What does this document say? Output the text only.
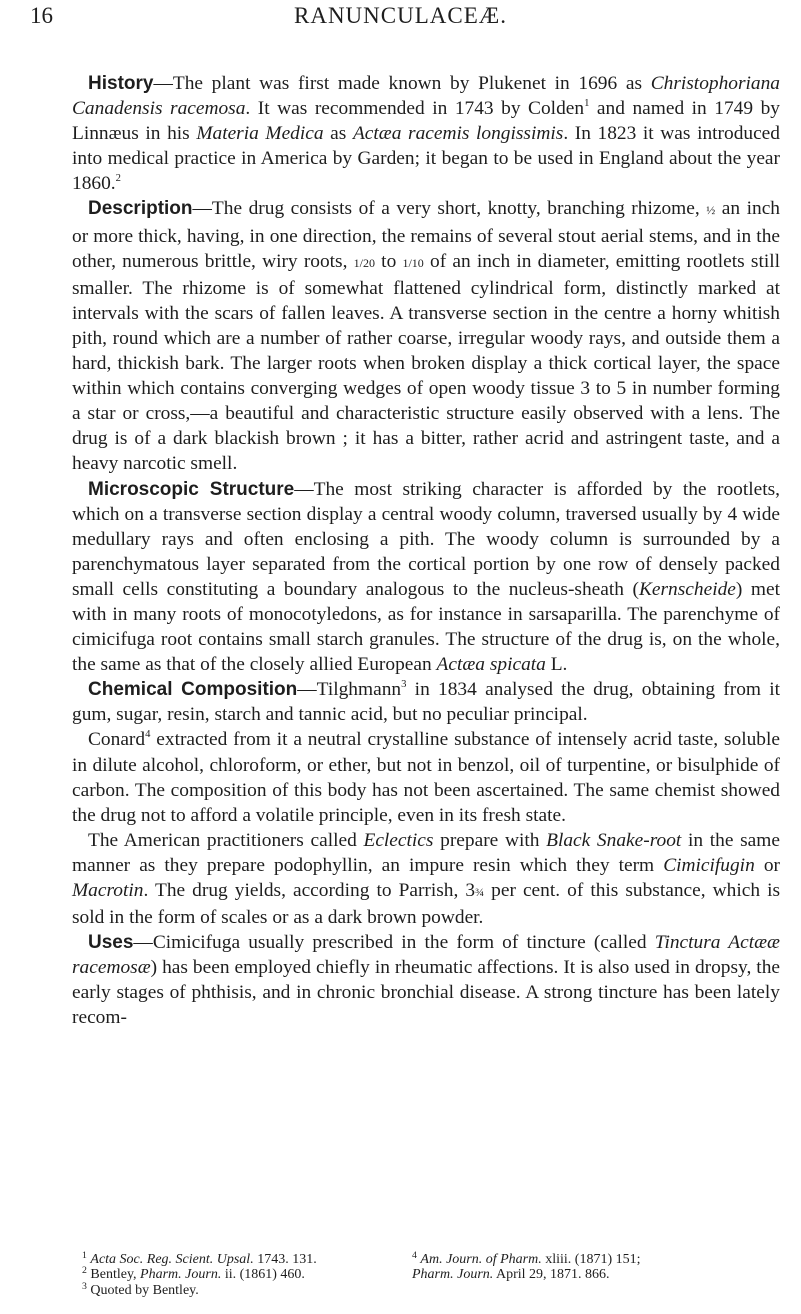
16	RANUNCULACEÆ.

History—The plant was first made known by Plukenet in 1696 as Christophoriana Canadensis racemosa. It was recommended in 1743 by Colden$^1$ and named in 1749 by Linnæus in his Materia Medica as Actæa racemis longissimis. In 1823 it was introduced into medical practice in America by Garden; it began to be used in England about the year 1860.$^2$

Description—The drug consists of a very short, knotty, branching rhizome, ½ an inch or more thick, having, in one direction, the remains of several stout aerial stems, and in the other, numerous brittle, wiry roots, 1/20 to 1/10 of an inch in diameter, emitting rootlets still smaller. The rhizome is of somewhat flattened cylindrical form, distinctly marked at intervals with the scars of fallen leaves. A transverse section in the centre a horny whitish pith, round which are a number of rather coarse, irregular woody rays, and outside them a hard, thickish bark. The larger roots when broken display a thick cortical layer, the space within which contains converging wedges of open woody tissue 3 to 5 in number forming a star or cross,—a beautiful and characteristic structure easily observed with a lens. The drug is of a dark blackish brown ; it has a bitter, rather acrid and astringent taste, and a heavy narcotic smell.

Microscopic Structure—The most striking character is afforded by the rootlets, which on a transverse section display a central woody column, traversed usually by 4 wide medullary rays and often enclosing a pith. The woody column is surrounded by a parenchymatous layer separated from the cortical portion by one row of densely packed small cells constituting a boundary analogous to the nucleus-sheath (Kernscheide) met with in many roots of monocotyledons, as for instance in sarsaparilla. The parenchyme of cimicifuga root contains small starch granules. The structure of the drug is, on the whole, the same as that of the closely allied European Actæa spicata L.

Chemical Composition—Tilghmann$^3$ in 1834 analysed the drug, obtaining from it gum, sugar, resin, starch and tannic acid, but no peculiar principal.

Conard$^4$ extracted from it a neutral crystalline substance of intensely acrid taste, soluble in dilute alcohol, chloroform, or ether, but not in benzol, oil of turpentine, or bisulphide of carbon. The composition of this body has not been ascertained. The same chemist showed the drug not to afford a volatile principle, even in its fresh state.

The American practitioners called Eclectics prepare with Black Snake-root in the same manner as they prepare podophyllin, an impure resin which they term Cimicifugin or Macrotin. The drug yields, according to Parrish, 3¾ per cent. of this substance, which is sold in the form of scales or as a dark brown powder.

Uses—Cimicifuga usually prescribed in the form of tincture (called Tinctura Actææ racemosæ) has been employed chiefly in rheumatic affections. It is also used in dropsy, the early stages of phthisis, and in chronic bronchial disease. A strong tincture has been lately recom-

$^1$ Acta Soc. Reg. Scient. Upsal. 1743. 131.	$^4$ Am. Journ. of Pharm. xliii. (1871) 151;
$^2$ Bentley, Pharm. Journ. ii. (1861) 460.	Pharm. Journ. April 29, 1871. 866.
$^3$ Quoted by Bentley.
